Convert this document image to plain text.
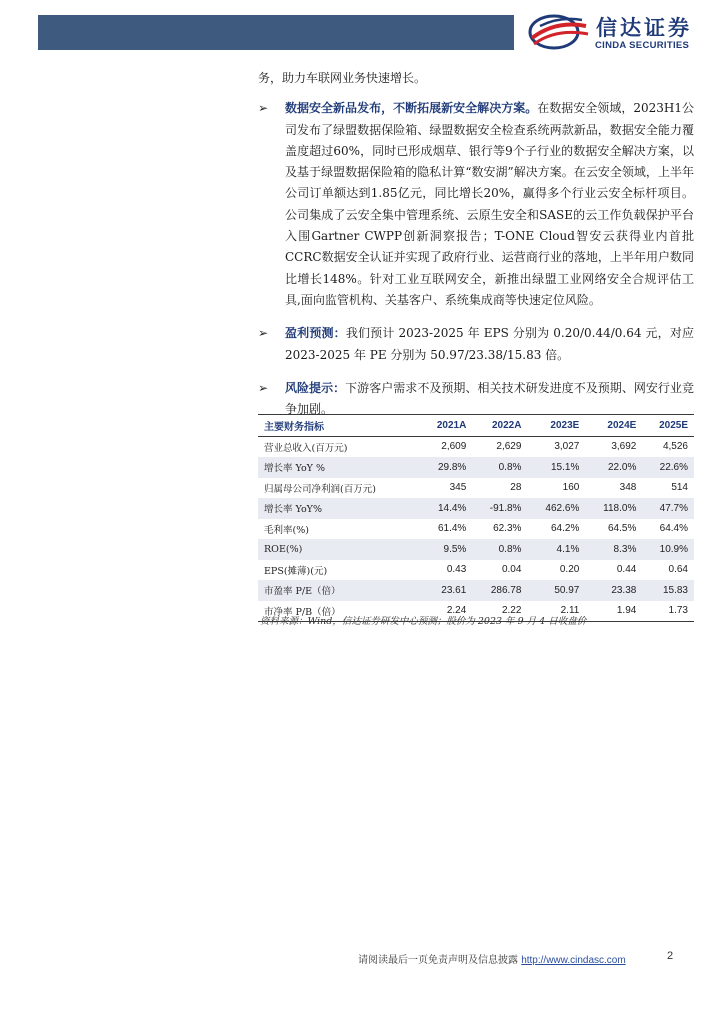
信达证券
CINDA SECURITIES

务，助力车联网业务快速增长。

➢ 数据安全新品发布，不断拓展新安全解决方案。在数据安全领域，2023H1公司发布了绿盟数据保险箱、绿盟数据安全检查系统两款新品，数据安全能力覆盖度超过60%，同时已形成烟草、银行等9个子行业的数据安全解决方案，以及基于绿盟数据保险箱的隐私计算“数安湖”解决方案。在云安全领域，上半年公司订单额达到1.85亿元，同比增长20%，赢得多个行业云安全标杆项目。公司集成了云安全集中管理系统、云原生安全和SASE的云工作负载保护平台入围Gartner CWPP创新洞察报告；T-ONE Cloud智安云获得业内首批CCRC数据安全认证并实现了政府行业、运营商行业的落地，上半年用户数同比增长148%。针对工业互联网安全，新推出绿盟工业网络安全合规评估工具,面向监管机构、关基客户、系统集成商等快速定位风险。

➢ 盈利预测：我们预计 2023-2025 年 EPS 分别为 0.20/0.44/0.64 元，对应 2023-2025 年 PE 分别为 50.97/23.38/15.83 倍。

➢ 风险提示：下游客户需求不及预期、相关技术研发进度不及预期、网安行业竞争加剧。

主要财务指标	2021A	2022A	2023E	2024E	2025E
营业总收入(百万元)	2,609	2,629	3,027	3,692	4,526
增长率 YoY %	29.8%	0.8%	15.1%	22.0%	22.6%
归属母公司净利润(百万元)	345	28	160	348	514
增长率 YoY%	14.4%	-91.8%	462.6%	118.0%	47.7%
毛利率(%)	61.4%	62.3%	64.2%	64.5%	64.4%
ROE(%)	9.5%	0.8%	4.1%	8.3%	10.9%
EPS(摊薄)(元)	0.43	0.04	0.20	0.44	0.64
市盈率 P/E（倍）	23.61	286.78	50.97	23.38	15.83
市净率 P/B（倍）	2.24	2.22	2.11	1.94	1.73
资料来源：Wind，信达证券研发中心预测；股价为 2023 年 9 月 4 日收盘价
请阅读最后一页免责声明及信息披露 http://www.cindasc.com	2
